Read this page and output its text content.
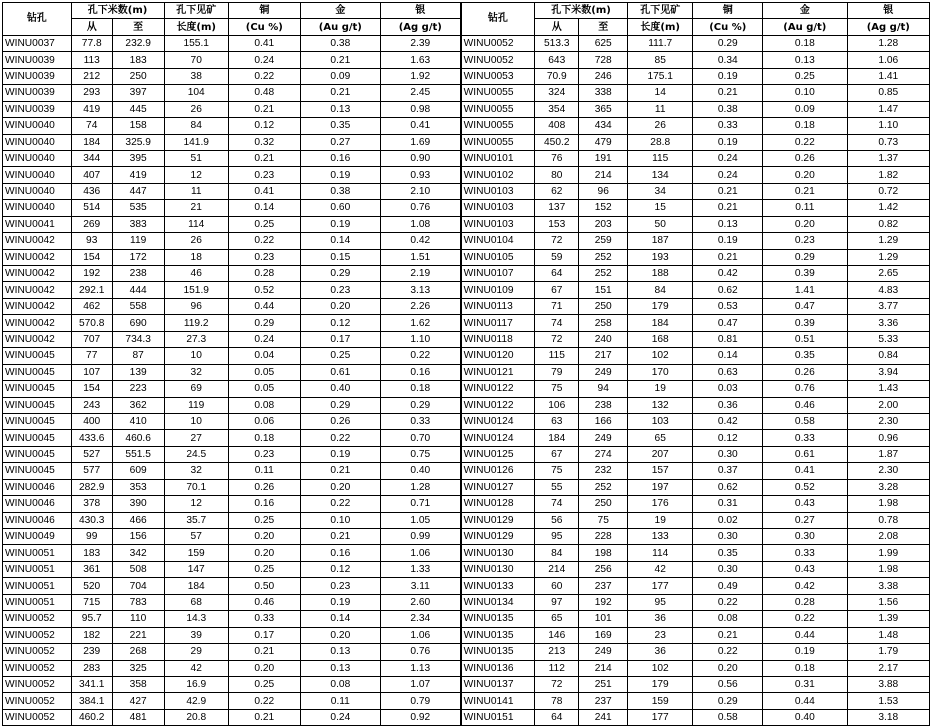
钻孔	孔下米数(m)		孔下见矿	铜	金	银	钻孔	孔下米数(m)		孔下见矿	铜	金	银
	从	至	长度(m)	(Cu %)	(Au g/t)	(Ag g/t)		从	至	长度(m)	(Cu %)	(Au g/t)	(Ag g/t)
WINU0037	77.8	232.9	155.1	0.41	0.38	2.39	WINU0052	513.3	625	111.7	0.29	0.18	1.28
WINU0039	113	183	70	0.24	0.21	1.63	WINU0052	643	728	85	0.34	0.13	1.06
WINU0039	212	250	38	0.22	0.09	1.92	WINU0053	70.9	246	175.1	0.19	0.25	1.41
WINU0039	293	397	104	0.48	0.21	2.45	WINU0055	324	338	14	0.21	0.10	0.85
WINU0039	419	445	26	0.21	0.13	0.98	WINU0055	354	365	11	0.38	0.09	1.47
WINU0040	74	158	84	0.12	0.35	0.41	WINU0055	408	434	26	0.33	0.18	1.10
WINU0040	184	325.9	141.9	0.32	0.27	1.69	WINU0055	450.2	479	28.8	0.19	0.22	0.73
WINU0040	344	395	51	0.21	0.16	0.90	WINU0101	76	191	115	0.24	0.26	1.37
WINU0040	407	419	12	0.23	0.19	0.93	WINU0102	80	214	134	0.24	0.20	1.82
WINU0040	436	447	11	0.41	0.38	2.10	WINU0103	62	96	34	0.21	0.21	0.72
WINU0040	514	535	21	0.14	0.60	0.76	WINU0103	137	152	15	0.21	0.11	1.42
WINU0041	269	383	114	0.25	0.19	1.08	WINU0103	153	203	50	0.13	0.20	0.82
WINU0042	93	119	26	0.22	0.14	0.42	WINU0104	72	259	187	0.19	0.23	1.29
WINU0042	154	172	18	0.23	0.15	1.51	WINU0105	59	252	193	0.21	0.29	1.29
WINU0042	192	238	46	0.28	0.29	2.19	WINU0107	64	252	188	0.42	0.39	2.65
WINU0042	292.1	444	151.9	0.52	0.23	3.13	WINU0109	67	151	84	0.62	1.41	4.83
WINU0042	462	558	96	0.44	0.20	2.26	WINU0113	71	250	179	0.53	0.47	3.77
WINU0042	570.8	690	119.2	0.29	0.12	1.62	WINU0117	74	258	184	0.47	0.39	3.36
WINU0042	707	734.3	27.3	0.24	0.17	1.10	WINU0118	72	240	168	0.81	0.51	5.33
WINU0045	77	87	10	0.04	0.25	0.22	WINU0120	115	217	102	0.14	0.35	0.84
WINU0045	107	139	32	0.05	0.61	0.16	WINU0121	79	249	170	0.63	0.26	3.94
WINU0045	154	223	69	0.05	0.40	0.18	WINU0122	75	94	19	0.03	0.76	1.43
WINU0045	243	362	119	0.08	0.29	0.29	WINU0122	106	238	132	0.36	0.46	2.00
WINU0045	400	410	10	0.06	0.26	0.33	WINU0124	63	166	103	0.42	0.58	2.30
WINU0045	433.6	460.6	27	0.18	0.22	0.70	WINU0124	184	249	65	0.12	0.33	0.96
WINU0045	527	551.5	24.5	0.23	0.19	0.75	WINU0125	67	274	207	0.30	0.61	1.87
WINU0045	577	609	32	0.11	0.21	0.40	WINU0126	75	232	157	0.37	0.41	2.30
WINU0046	282.9	353	70.1	0.26	0.20	1.28	WINU0127	55	252	197	0.62	0.52	3.28
WINU0046	378	390	12	0.16	0.22	0.71	WINU0128	74	250	176	0.31	0.43	1.98
WINU0046	430.3	466	35.7	0.25	0.10	1.05	WINU0129	56	75	19	0.02	0.27	0.78
WINU0049	99	156	57	0.20	0.21	0.99	WINU0129	95	228	133	0.30	0.30	2.08
WINU0051	183	342	159	0.20	0.16	1.06	WINU0130	84	198	114	0.35	0.33	1.99
WINU0051	361	508	147	0.25	0.12	1.33	WINU0130	214	256	42	0.30	0.43	1.98
WINU0051	520	704	184	0.50	0.23	3.11	WINU0133	60	237	177	0.49	0.42	3.38
WINU0051	715	783	68	0.46	0.19	2.60	WINU0134	97	192	95	0.22	0.28	1.56
WINU0052	95.7	110	14.3	0.33	0.14	2.34	WINU0135	65	101	36	0.08	0.22	1.39
WINU0052	182	221	39	0.17	0.20	1.06	WINU0135	146	169	23	0.21	0.44	1.48
WINU0052	239	268	29	0.21	0.13	0.76	WINU0135	213	249	36	0.22	0.19	1.79
WINU0052	283	325	42	0.20	0.13	1.13	WINU0136	112	214	102	0.20	0.18	2.17
WINU0052	341.1	358	16.9	0.25	0.08	1.07	WINU0137	72	251	179	0.56	0.31	3.88
WINU0052	384.1	427	42.9	0.22	0.11	0.79	WINU0141	78	237	159	0.29	0.44	1.53
WINU0052	460.2	481	20.8	0.21	0.24	0.92	WINU0151	64	241	177	0.58	0.40	3.18
